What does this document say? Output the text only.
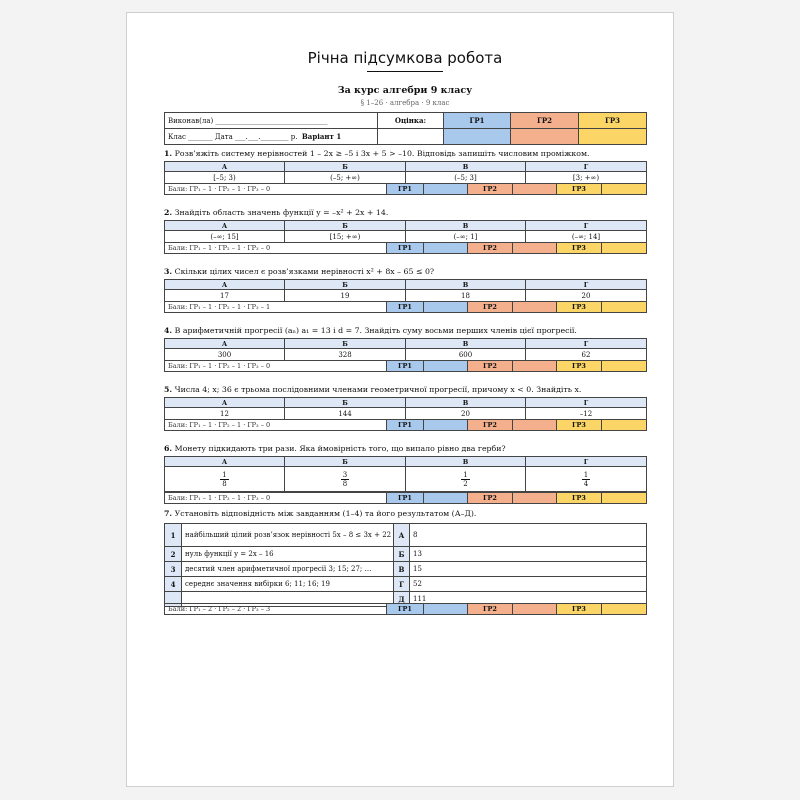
Річна підсумкова робота
За курс алгебри 9 класу
§ 1–26 · алгебра · 9 клас
Виконав(ла) ________________________________	Оцінка:	ГР1	ГР2	ГР3
Клас _______ Дата ___.___.________ р. Варіант 1				
1. Розв’яжіть систему нерівностей 1 – 2x ≥ –5 і 3x + 5 > –10. Відповідь запишіть числовим проміжком.
А	Б	В	Г
[–5; 3)	(–5; +∞)	(–5; 3]	[3; +∞)
Бали: ГР₁ – 1 · ГР₂ – 1 · ГР₃ – 0	ГР1		ГР2		ГР3	
2. Знайдіть область значень функції y = –x² + 2x + 14.
А	Б	В	Г
(–∞; 15]	[15; +∞)	(–∞; 1]	(–∞; 14]
Бали: ГР₁ – 1 · ГР₂ – 1 · ГР₃ – 0	ГР1		ГР2		ГР3	
3. Скільки цілих чисел є розв’язками нерівності x² + 8x – 65 ≤ 0?
А	Б	В	Г
17	19	18	20
Бали: ГР₁ – 1 · ГР₂ – 1 · ГР₃ – 1	ГР1		ГР2		ГР3	
4. В арифметичній прогресії (aₙ) a₁ = 13 і d = 7. Знайдіть суму восьми перших членів цієї прогресії.
А	Б	В	Г
300	328	600	62
Бали: ГР₁ – 1 · ГР₂ – 1 · ГР₃ – 0	ГР1		ГР2		ГР3	
5. Числа 4; x; 36 є трьома послідовними членами геометричної прогресії, причому x < 0. Знайдіть x.
А	Б	В	Г
12	144	20	–12
Бали: ГР₁ – 1 · ГР₂ – 1 · ГР₃ – 0	ГР1		ГР2		ГР3	
6. Монету підкидають три рази. Яка ймовірність того, що випало рівно два герби?
А	Б	В	Г

$\frac{1}{8}$	$\frac{3}{8}$	$\frac{1}{2}$	$\frac{1}{4}$
Бали: ГР₁ – 1 · ГР₂ – 1 · ГР₃ – 0	ГР1		ГР2		ГР3	
7. Установіть відповідність між завданням (1–4) та його результатом (А–Д).
1	найбільший цілий розв’язок нерівності 5x – 8 ≤ 3x + 22	А	8
2	нуль функції y = 2x – 16	Б	13
3	десятий член арифметичної прогресії 3; 15; 27; …	В	15
4	середнє значення вибірки 6; 11; 16; 19	Г	52
		Д	111
Бали: ГР₁ – 2 · ГР₂ – 2 · ГР₃ – 3	ГР1		ГР2		ГР3	
